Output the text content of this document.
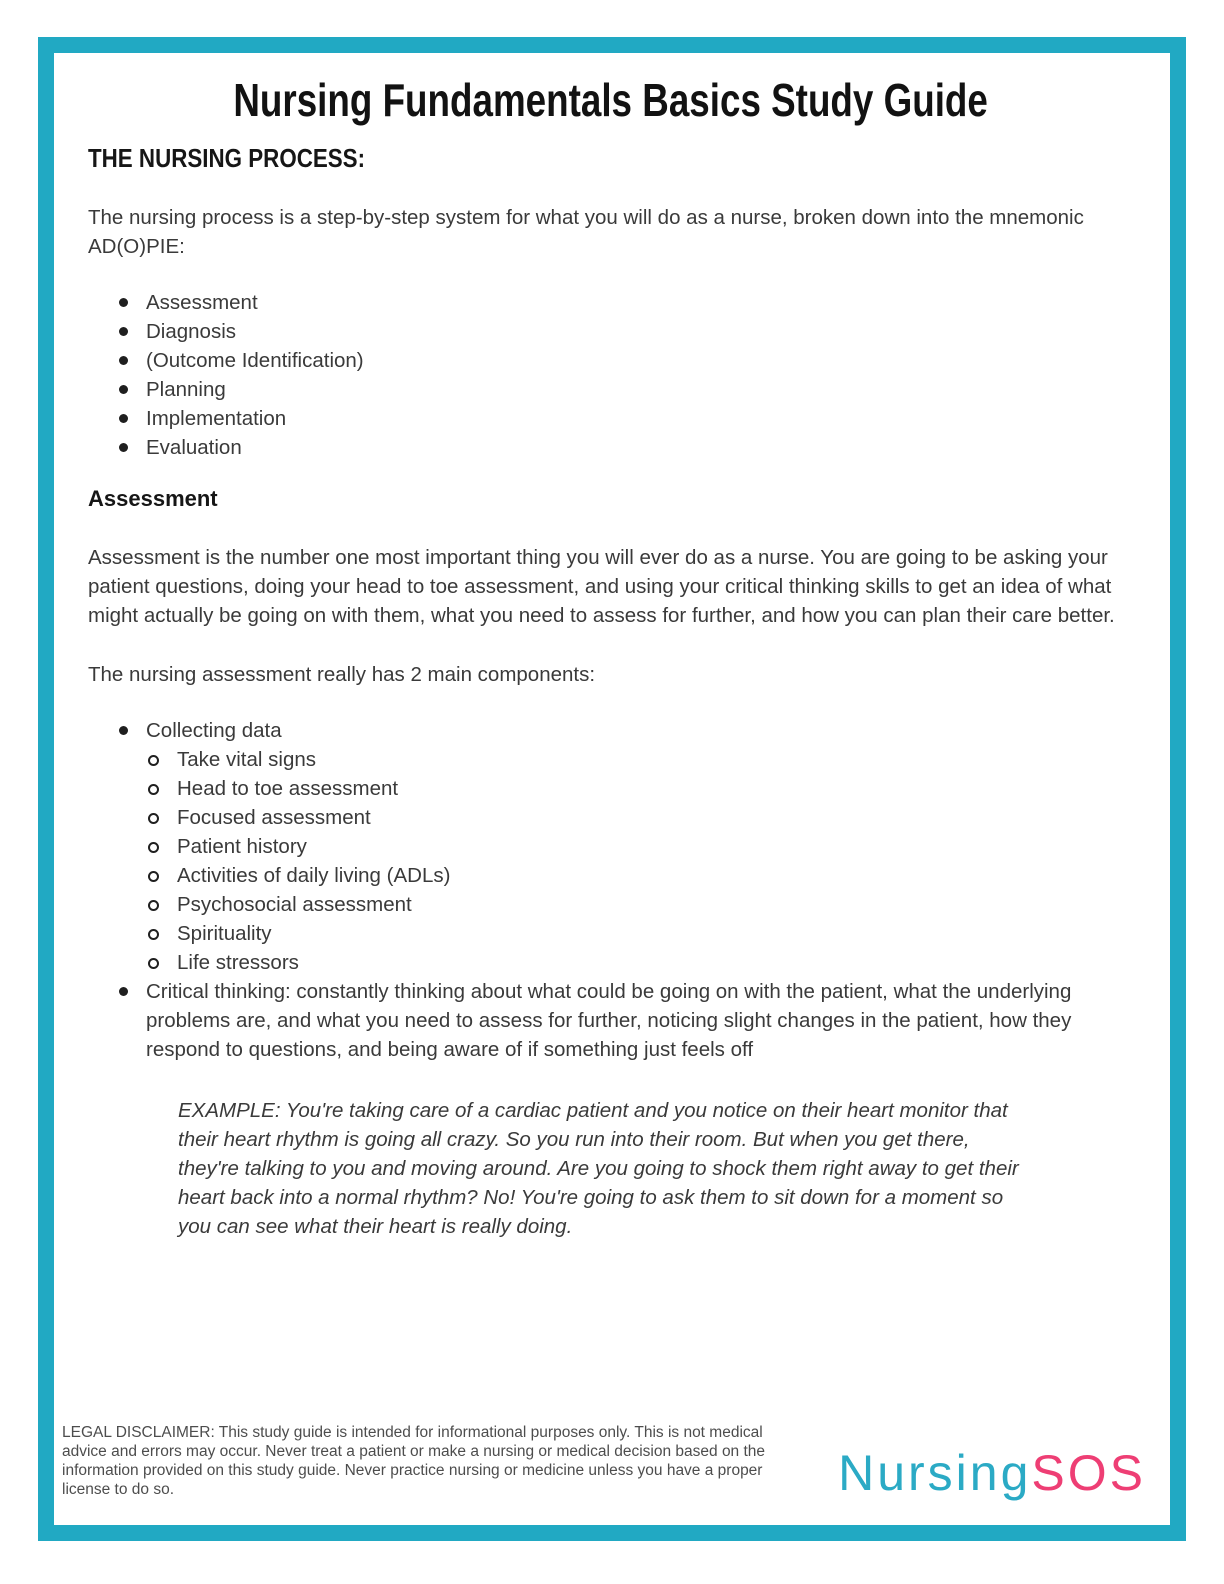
Nursing Fundamentals Basics Study Guide
THE NURSING PROCESS:

The nursing process is a step-by-step system for what you will do as a nurse, broken down into the mnemonic AD(O)PIE:

Assessment
Diagnosis
(Outcome Identification)
Planning
Implementation
Evaluation
Assessment

Assessment is the number one most important thing you will ever do as a nurse. You are going to be asking your patient questions, doing your head to toe assessment, and using your critical thinking skills to get an idea of what might actually be going on with them, what you need to assess for further, and how you can plan their care better.

The nursing assessment really has 2 main components:

Collecting data
Take vital signs
Head to toe assessment
Focused assessment
Patient history
Activities of daily living (ADLs)
Psychosocial assessment
Spirituality
Life stressors
Critical thinking: constantly thinking about what could be going on with the patient, what the underlying problems are, and what you need to assess for further, noticing slight changes in the patient, how they respond to questions, and being aware of if something just feels off

EXAMPLE: You're taking care of a cardiac patient and you notice on their heart monitor that their heart rhythm is going all crazy. So you run into their room. But when you get there, they're talking to you and moving around. Are you going to shock them right away to get their heart back into a normal rhythm? No! You're going to ask them to sit down for a moment so you can see what their heart is really doing.

LEGAL DISCLAIMER: This study guide is intended for informational purposes only. This is not medical advice and errors may occur. Never treat a patient or make a nursing or medical decision based on the information provided on this study guide. Never practice nursing or medicine unless you have a proper license to do so.	NursingSOS
